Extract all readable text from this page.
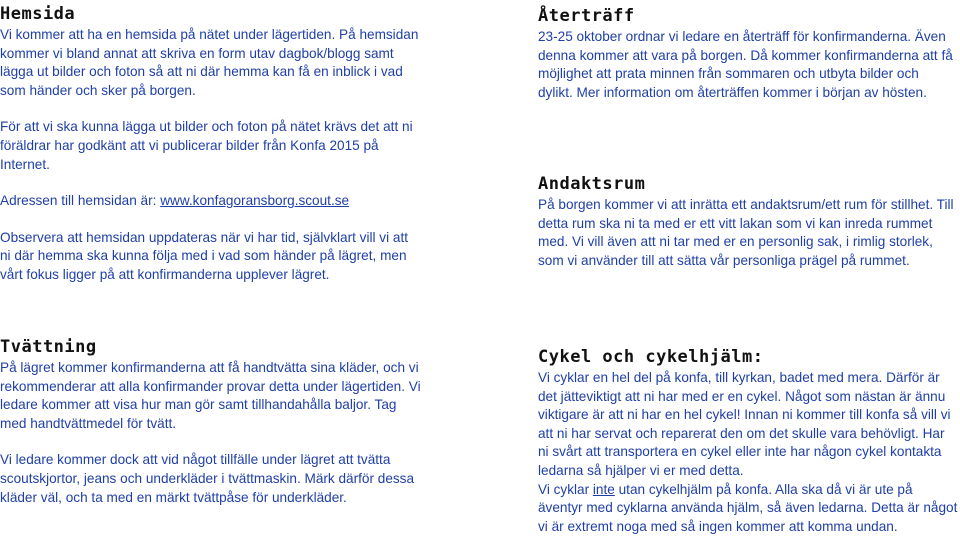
Hemsida

Vi kommer att ha en hemsida på nätet under lägertiden. På hemsidan kommer vi bland annat att skriva en form utav dagbok/blogg samt lägga ut bilder och foton så att ni där hemma kan få en inblick i vad som händer och sker på borgen.

För att vi ska kunna lägga ut bilder och foton på nätet krävs det att ni föräldrar har godkänt att vi publicerar bilder från Konfa 2015 på Internet.

Adressen till hemsidan är: www.konfagoransborg.scout.se

Observera att hemsidan uppdateras när vi har tid, självklart vill vi att ni där hemma ska kunna följa med i vad som händer på lägret, men vårt fokus ligger på att konfirmanderna upplever lägret.

Återträff

23-25 oktober ordnar vi ledare en återträff för konfirmanderna. Även denna kommer att vara på borgen. Då kommer konfirmanderna att få möjlighet att prata minnen från sommaren och utbyta bilder och dylikt. Mer information om återträffen kommer i början av hösten.

Andaktsrum

På borgen kommer vi att inrätta ett andaktsrum/ett rum för stillhet. Till detta rum ska ni ta med er ett vitt lakan som vi kan inreda rummet med. Vi vill även att ni tar med er en personlig sak, i rimlig storlek, som vi använder till att sätta vår personliga prägel på rummet.

Tvättning

På lägret kommer konfirmanderna att få handtvätta sina kläder, och vi rekommenderar att alla konfirmander provar detta under lägertiden. Vi ledare kommer att visa hur man gör samt tillhandahålla baljor. Tag med handtvättmedel för tvätt.

Vi ledare kommer dock att vid något tillfälle under lägret att tvätta scoutskjortor, jeans och underkläder i tvättmaskin. Märk därför dessa kläder väl, och ta med en märkt tvättpåse för underkläder.

Cykel och cykelhjälm:

Vi cyklar en hel del på konfa, till kyrkan, badet med mera. Därför är det jätteviktigt att ni har med er en cykel. Något som nästan är ännu viktigare är att ni har en hel cykel! Innan ni kommer till konfa så vill vi att ni har servat och reparerat den om det skulle vara behövligt. Har ni svårt att transportera en cykel eller inte har någon cykel kontakta ledarna så hjälper vi er med detta.

Vi cyklar inte utan cykelhjälm på konfa. Alla ska då vi är ute på äventyr med cyklarna använda hjälm, så även ledarna. Detta är något vi är extremt noga med så ingen kommer att komma undan.
